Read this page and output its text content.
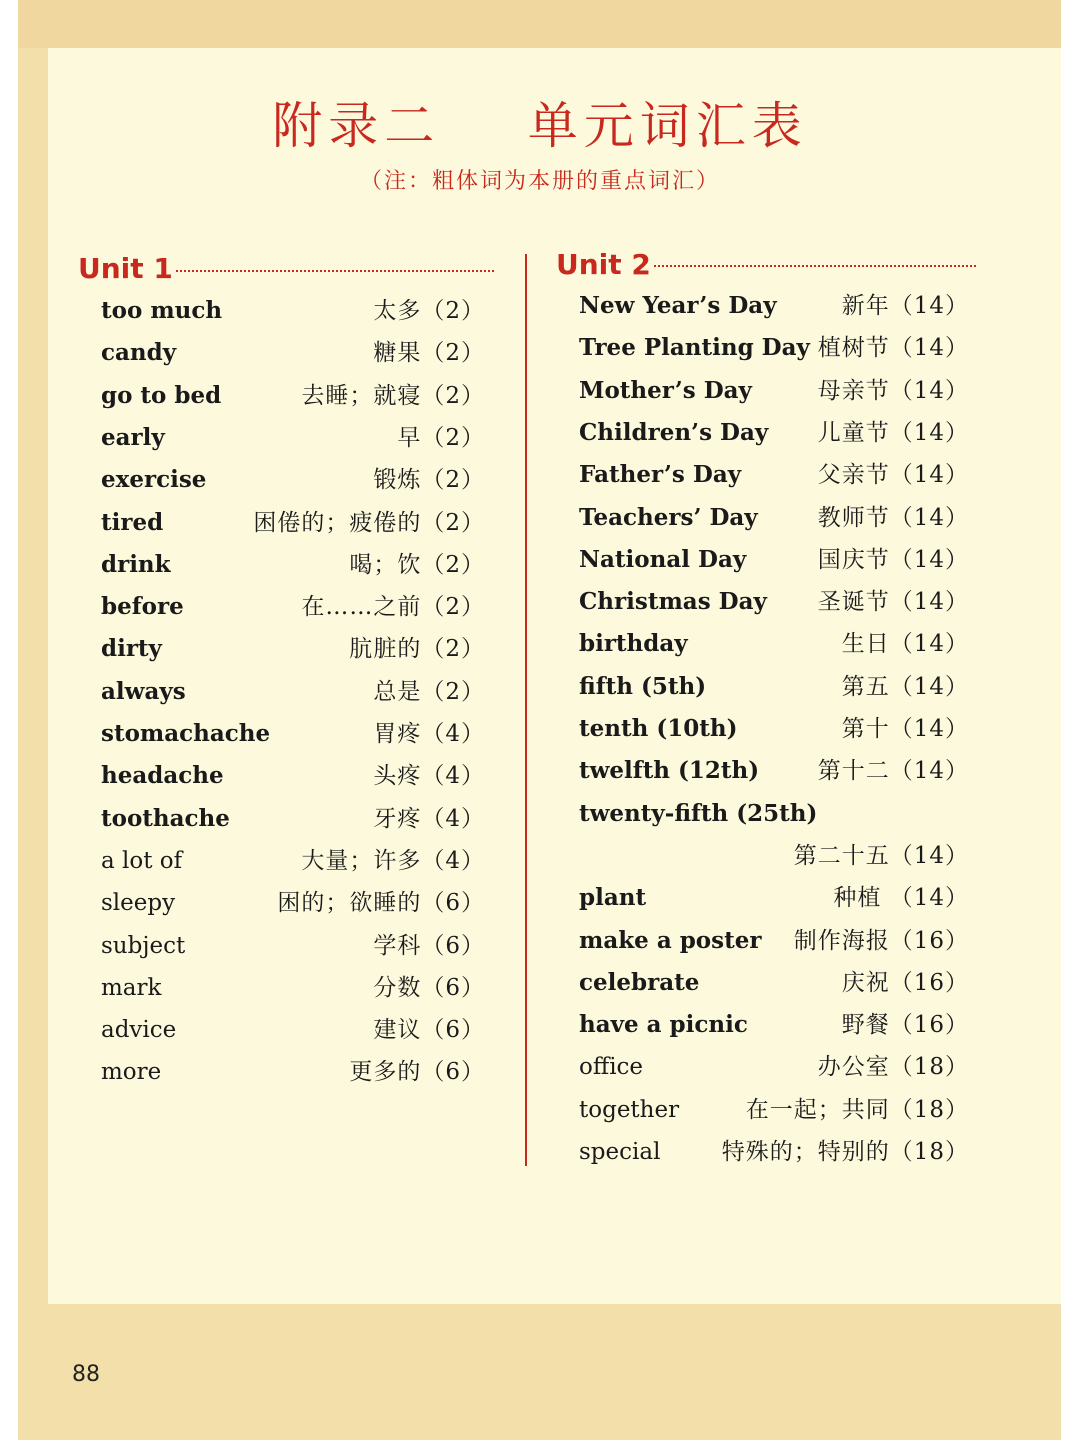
附录二    单元词汇表
（注：粗体词为本册的重点词汇）
Unit 1	Unit 2
too much	太多（2）
candy	糖果（2）
go to bed	去睡；就寝（2）
early	早（2）
exercise	锻炼（2）
tired	困倦的；疲倦的（2）
drink	喝；饮（2）
before	在……之前（2）
dirty	肮脏的（2）
always	总是（2）
stomachache	胃疼（4）
headache	头疼（4）
toothache	牙疼（4）
a lot of	大量；许多（4）
sleepy	困的；欲睡的（6）
subject	学科（6）
mark	分数（6）
advice	建议（6）
more	更多的（6）
New Year’s Day	新年（14）
Tree Planting Day 植树节（14）
Mother’s Day	母亲节（14）
Children’s Day 儿童节（14）
Father’s Day	父亲节（14）
Teachers’ Day	教师节（14）
National Day	国庆节（14）
Christmas Day 圣诞节（14）
birthday	生日（14）
fifth (5th)	第五（14）
tenth (10th)	第十（14）
twelfth (12th)	第十二（14）
twenty-fifth (25th)
第二十五（14）
plant	种植 （14）
make a poster 制作海报（16）
celebrate	庆祝（16）
have a picnic	野餐（16）
office	办公室（18）
together	在一起；共同（18）
special	特殊的；特别的（18）
88
